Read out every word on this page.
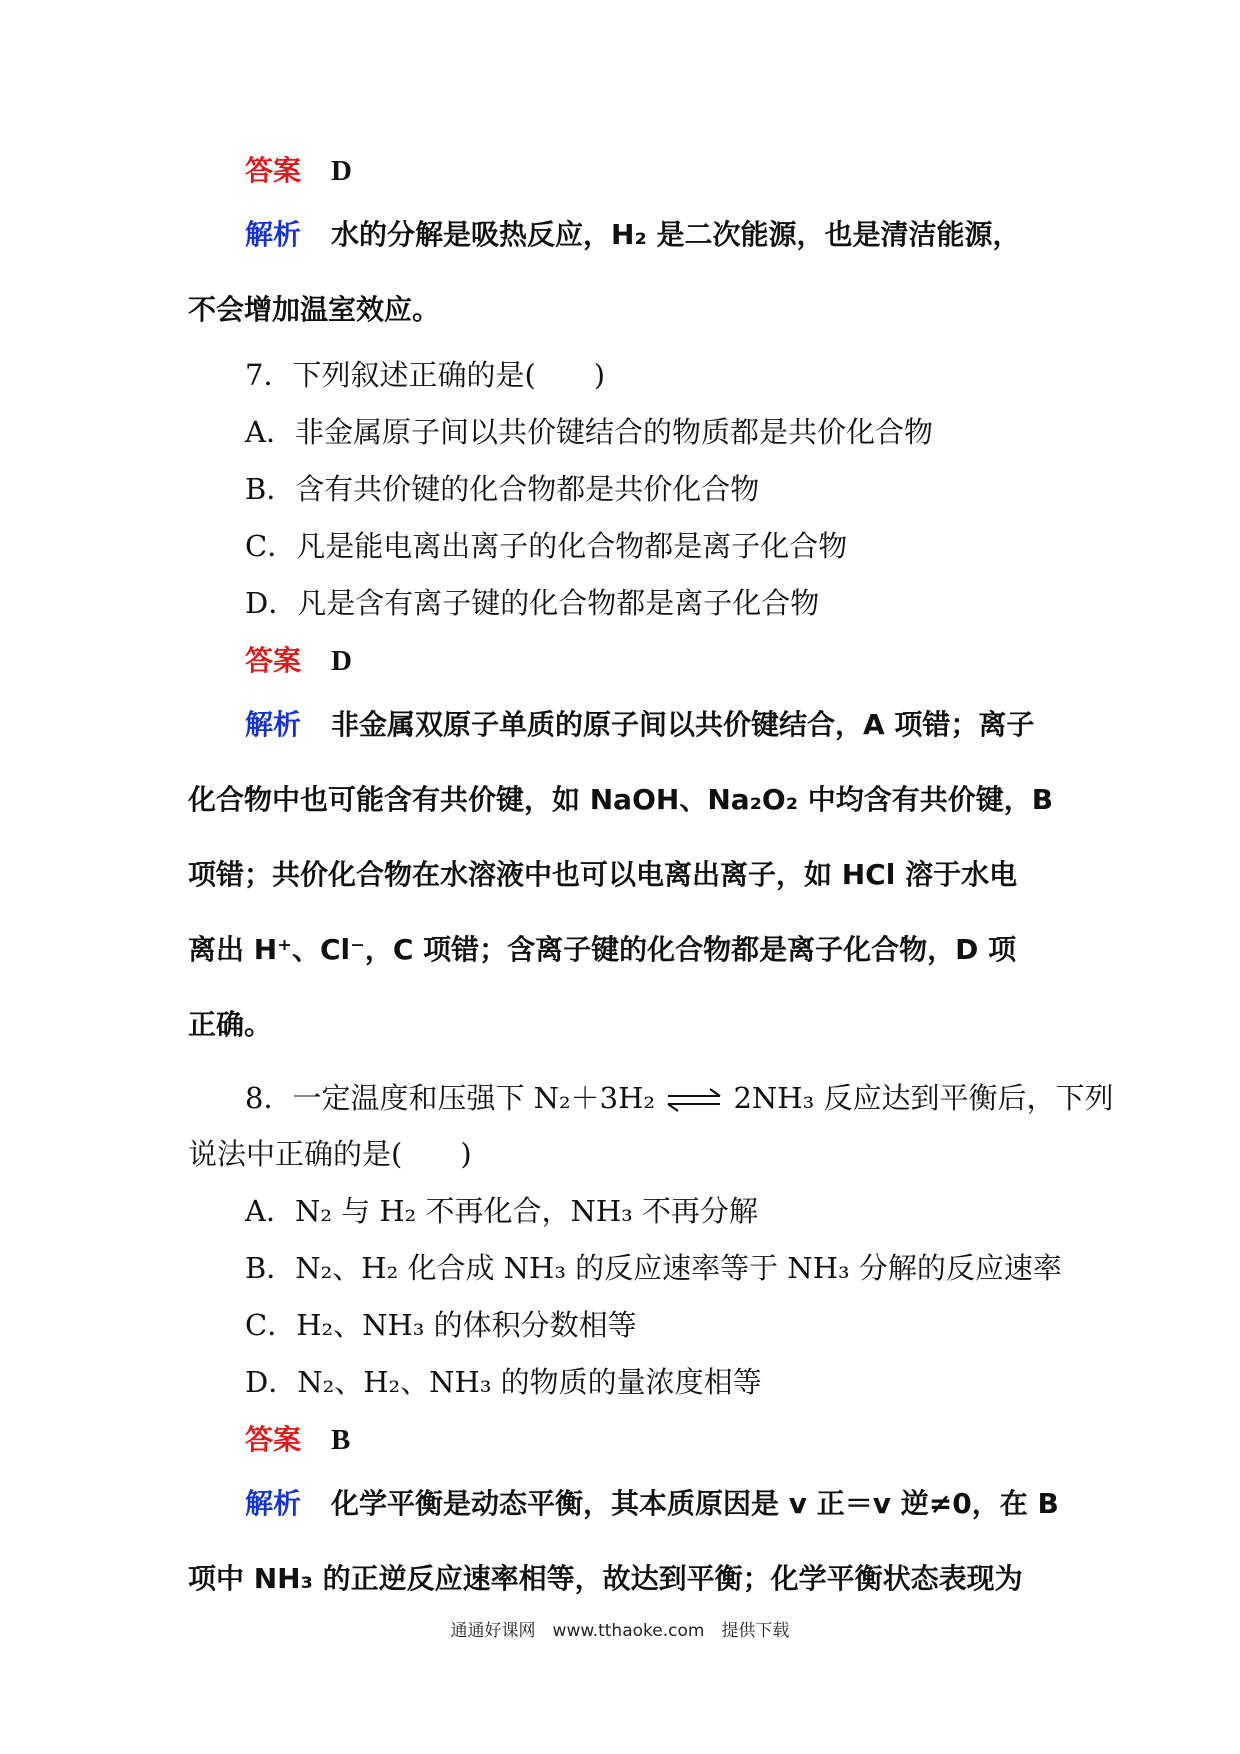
答案 D
解析 水的分解是吸热反应，H₂ 是二次能源，也是清洁能源，
不会增加温室效应。
7．下列叙述正确的是(　　)
A．非金属原子间以共价键结合的物质都是共价化合物
B．含有共价键的化合物都是共价化合物
C．凡是能电离出离子的化合物都是离子化合物
D．凡是含有离子键的化合物都是离子化合物
答案 D
解析 非金属双原子单质的原子间以共价键结合，A 项错；离子
化合物中也可能含有共价键，如 NaOH、Na₂O₂ 中均含有共价键，B
项错；共价化合物在水溶液中也可以电离出离子，如 HCl 溶于水电
离出 H⁺、Cl⁻，C 项错；含离子键的化合物都是离子化合物，D 项
正确。
8．一定温度和压强下 N₂＋3H₂ ⇌ 2NH₃ 反应达到平衡后，下列
说法中正确的是(　　)
A．N₂ 与 H₂ 不再化合，NH₃ 不再分解
B．N₂、H₂ 化合成 NH₃ 的反应速率等于 NH₃ 分解的反应速率
C．H₂、NH₃ 的体积分数相等
D．N₂、H₂、NH₃ 的物质的量浓度相等
答案 B
解析 化学平衡是动态平衡，其本质原因是 v 正＝v 逆≠0，在 B
项中 NH₃ 的正逆反应速率相等，故达到平衡；化学平衡状态表现为
通通好课网　www.tthaoke.com　提供下载
